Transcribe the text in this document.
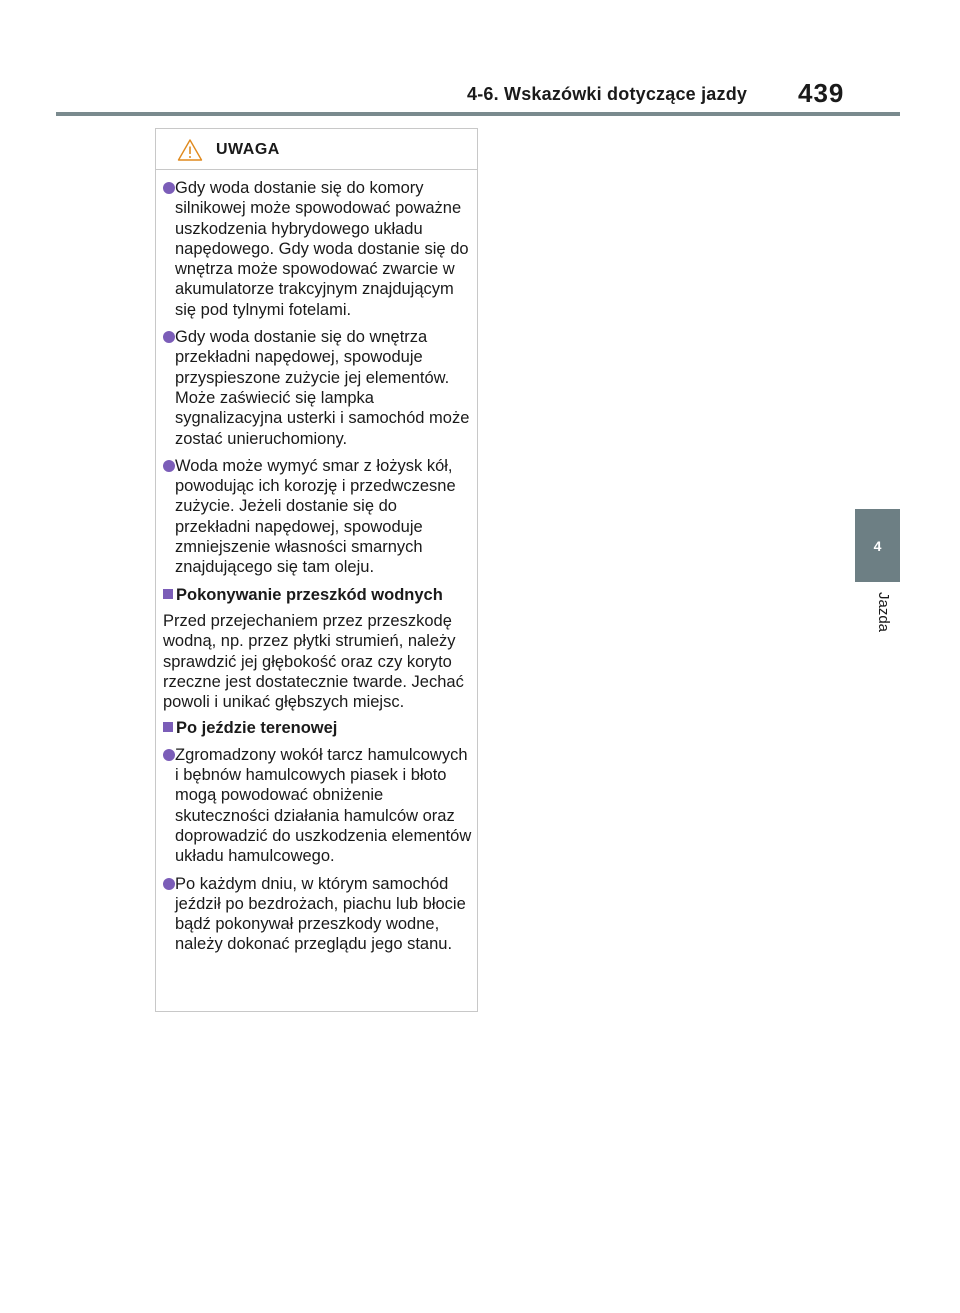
4-6. Wskazówki dotyczące jazdy 439
4
Jazda
UWAGA
Gdy woda dostanie się do komory silnikowej może spowodować poważne uszkodzenia hybrydowego układu napędowego. Gdy woda dostanie się do wnętrza może spowodować zwarcie w akumulatorze trakcyjnym znajdującym się pod tylnymi fotelami.
Gdy woda dostanie się do wnętrza przekładni napędowej, spowoduje przyspieszone zużycie jej elementów. Może zaświecić się lampka sygnalizacyjna usterki i samochód może zostać unieruchomiony.
Woda może wymyć smar z łożysk kół, powodując ich korozję i przedwczesne zużycie. Jeżeli dostanie się do przekładni napędowej, spowoduje zmniejszenie własności smarnych znajdującego się tam oleju.
Pokonywanie przeszkód wodnych
Przed przejechaniem przez przeszkodę wodną, np. przez płytki strumień, należy sprawdzić jej głębokość oraz czy koryto rzeczne jest dostatecznie twarde. Jechać powoli i unikać głębszych miejsc.
Po jeździe terenowej
Zgromadzony wokół tarcz hamulcowych i bębnów hamulcowych piasek i błoto mogą powodować obniżenie skuteczności działania hamulców oraz doprowadzić do uszkodzenia elementów układu hamulcowego.
Po każdym dniu, w którym samochód jeździł po bezdrożach, piachu lub błocie bądź pokonywał przeszkody wodne, należy dokonać przeglądu jego stanu.
